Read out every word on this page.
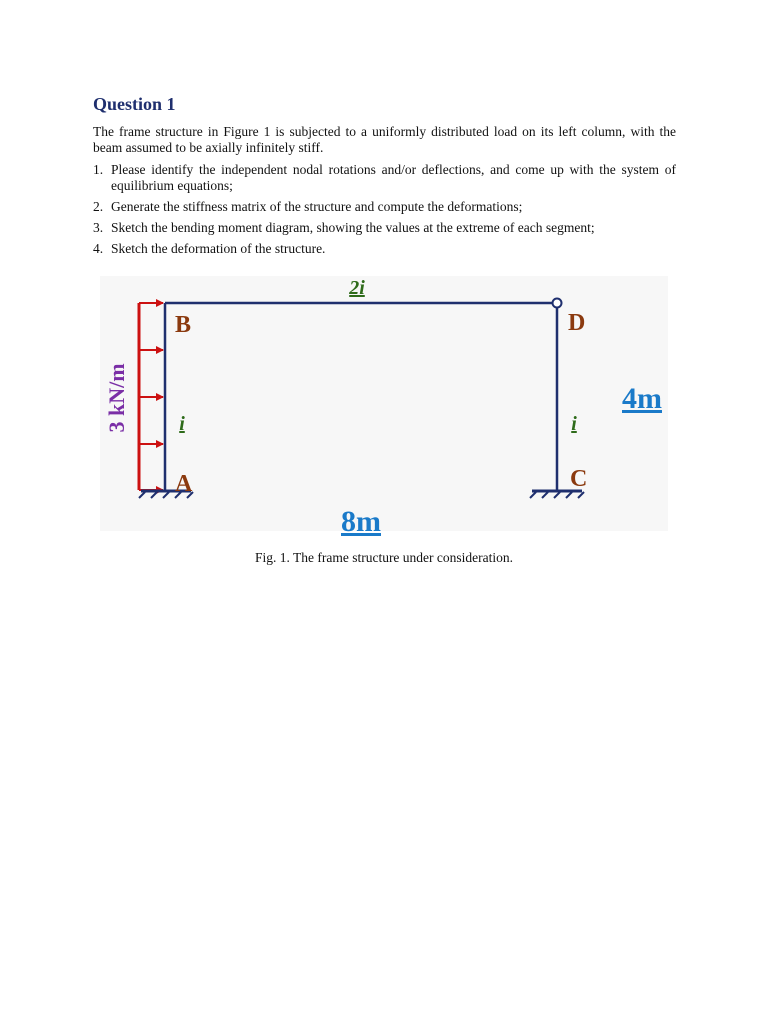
Question 1

The frame structure in Figure 1 is subjected to a uniformly distributed load on its left column, with the beam assumed to be axially infinitely stiff.

1. Please identify the independent nodal rotations and/or deflections, and come up with the system of equilibrium equations;
2. Generate the stiffness matrix of the structure and compute the deformations;
3. Sketch the bending moment diagram, showing the values at the extreme of each segment;
4. Sketch the deformation of the structure.
2i
B	D
A	C
i	i
3 kN/m	4m
8m

Fig. 1. The frame structure under consideration.
